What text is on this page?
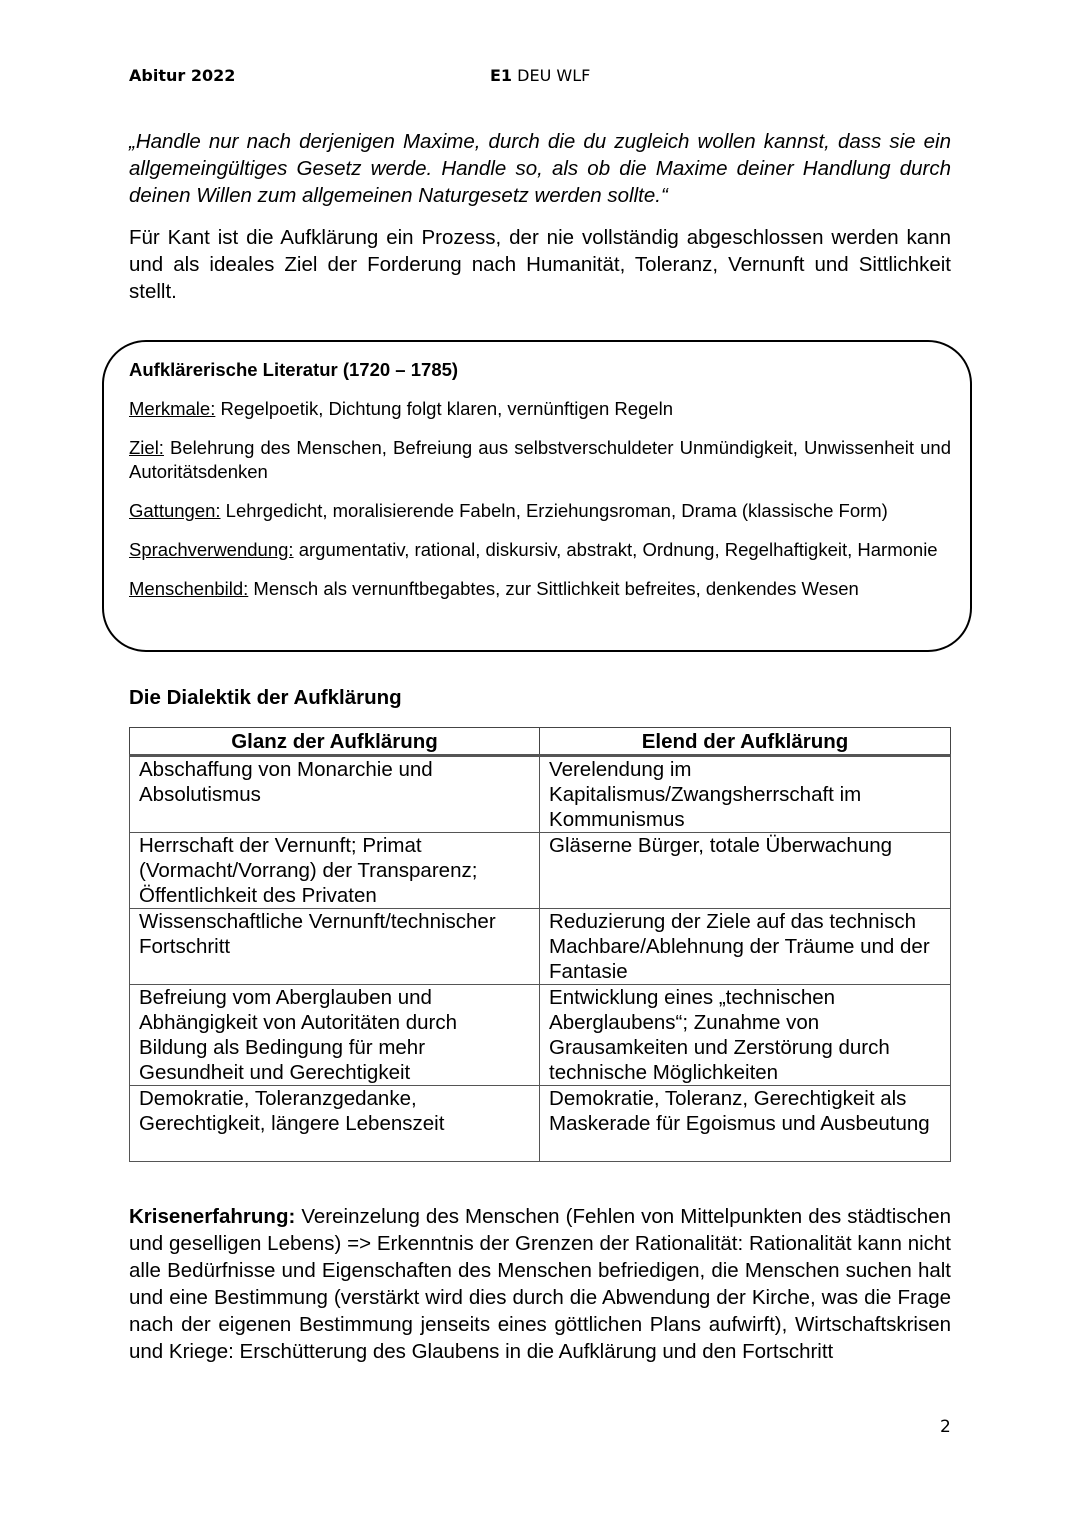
Abitur 2022	E1 DEU WLF
„Handle nur nach derjenigen Maxime, durch die du zugleich wollen kannst, dass sie ein allgemeingültiges Gesetz werde. Handle so, als ob die Maxime deiner Handlung durch deinen Willen zum allgemeinen Naturgesetz werden sollte.“
Für Kant ist die Aufklärung ein Prozess, der nie vollständig abgeschlossen werden kann und als ideales Ziel der Forderung nach Humanität, Toleranz, Vernunft und Sittlichkeit stellt.
Aufklärerische Literatur (1720 – 1785)
Merkmale: Regelpoetik, Dichtung folgt klaren, vernünftigen Regeln
Ziel: Belehrung des Menschen, Befreiung aus selbstverschuldeter Unmündigkeit, Unwissenheit und Autoritätsdenken
Gattungen: Lehrgedicht, moralisierende Fabeln, Erziehungsroman, Drama (klassische Form)
Sprachverwendung: argumentativ, rational, diskursiv, abstrakt, Ordnung, Regelhaftigkeit, Harmonie
Menschenbild: Mensch als vernunftbegabtes, zur Sittlichkeit befreites, denkendes Wesen
Die Dialektik der Aufklärung
Glanz der Aufklärung	Elend der Aufklärung
Abschaffung von Monarchie und Absolutismus	Verelendung im Kapitalismus/Zwangsherrschaft im Kommunismus
Herrschaft der Vernunft; Primat (Vormacht/Vorrang) der Transparenz; Öffentlichkeit des Privaten	Gläserne Bürger, totale Überwachung
Wissenschaftliche Vernunft/technischer Fortschritt	Reduzierung der Ziele auf das technisch Machbare/Ablehnung der Träume und der Fantasie
Befreiung vom Aberglauben und Abhängigkeit von Autoritäten durch Bildung als Bedingung für mehr Gesundheit und Gerechtigkeit	Entwicklung eines „technischen Aberglaubens“; Zunahme von Grausamkeiten und Zerstörung durch technische Möglichkeiten
Demokratie, Toleranzgedanke, Gerechtigkeit, längere Lebenszeit	Demokratie, Toleranz, Gerechtigkeit als Maskerade für Egoismus und Ausbeutung
Krisenerfahrung: Vereinzelung des Menschen (Fehlen von Mittelpunkten des städtischen und geselligen Lebens) => Erkenntnis der Grenzen der Rationalität: Rationalität kann nicht alle Bedürfnisse und Eigenschaften des Menschen befriedigen, die Menschen suchen halt und eine Bestimmung (verstärkt wird dies durch die Abwendung der Kirche, was die Frage nach der eigenen Bestimmung jenseits eines göttlichen Plans aufwirft), Wirtschaftskrisen und Kriege: Erschütterung des Glaubens in die Aufklärung und den Fortschritt
2
